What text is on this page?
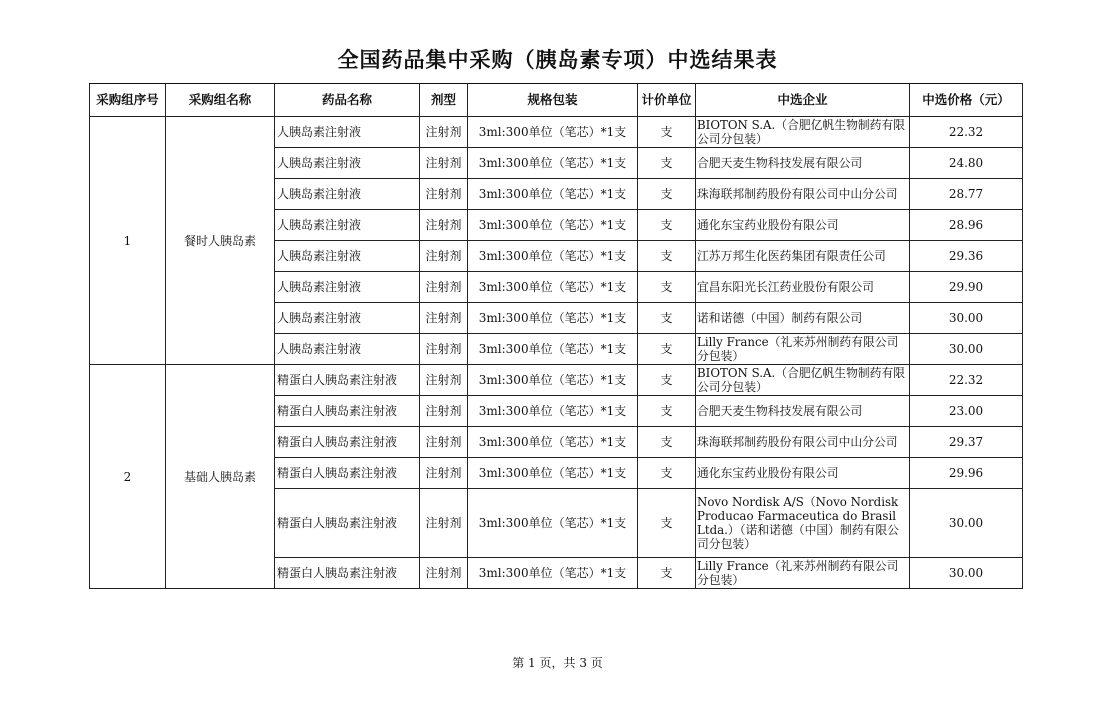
全国药品集中采购（胰岛素专项）中选结果表
采购组序号	采购组名称	药品名称	剂型	规格包装	计价单位	中选企业	中选价格（元）
1	餐时人胰岛素	人胰岛素注射液	注射剂	3ml:300单位（笔芯）*1支	支	BIOTON S.A.（合肥亿帆生物制药有限公司分包装）	22.32
		人胰岛素注射液	注射剂	3ml:300单位（笔芯）*1支	支	合肥天麦生物科技发展有限公司	24.80
		人胰岛素注射液	注射剂	3ml:300单位（笔芯）*1支	支	珠海联邦制药股份有限公司中山分公司	28.77
		人胰岛素注射液	注射剂	3ml:300单位（笔芯）*1支	支	通化东宝药业股份有限公司	28.96
		人胰岛素注射液	注射剂	3ml:300单位（笔芯）*1支	支	江苏万邦生化医药集团有限责任公司	29.36
		人胰岛素注射液	注射剂	3ml:300单位（笔芯）*1支	支	宜昌东阳光长江药业股份有限公司	29.90
		人胰岛素注射液	注射剂	3ml:300单位（笔芯）*1支	支	诺和诺德（中国）制药有限公司	30.00
		人胰岛素注射液	注射剂	3ml:300单位（笔芯）*1支	支	Lilly France（礼来苏州制药有限公司分包装）	30.00
2	基础人胰岛素	精蛋白人胰岛素注射液	注射剂	3ml:300单位（笔芯）*1支	支	BIOTON S.A.（合肥亿帆生物制药有限公司分包装）	22.32
		精蛋白人胰岛素注射液	注射剂	3ml:300单位（笔芯）*1支	支	合肥天麦生物科技发展有限公司	23.00
		精蛋白人胰岛素注射液	注射剂	3ml:300单位（笔芯）*1支	支	珠海联邦制药股份有限公司中山分公司	29.37
		精蛋白人胰岛素注射液	注射剂	3ml:300单位（笔芯）*1支	支	通化东宝药业股份有限公司	29.96
		精蛋白人胰岛素注射液	注射剂	3ml:300单位（笔芯）*1支	支	Novo Nordisk A/S（Novo Nordisk Producao Farmaceutica do Brasil Ltda.）（诺和诺德（中国）制药有限公司分包装）	30.00
		精蛋白人胰岛素注射液	注射剂	3ml:300单位（笔芯）*1支	支	Lilly France（礼来苏州制药有限公司分包装）	30.00
第 1 页，共 3 页
